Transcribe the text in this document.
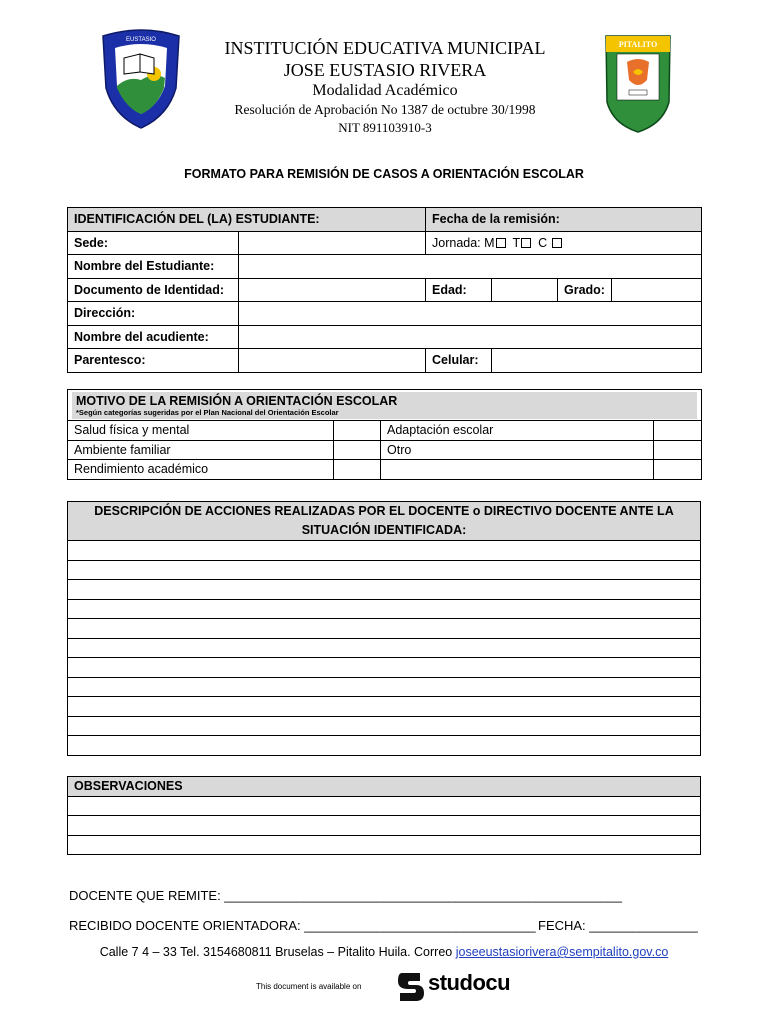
EUSTASIO	INSTITUCIÓN EDUCATIVA MUNICIPAL
JOSE EUSTASIO RIVERA
Modalidad Académico
Resolución de Aprobación No 1387 de octubre 30/1998
NIT 891103910-3
PITALITO
FORMATO PARA REMISIÓN DE CASOS A ORIENTACIÓN ESCOLAR
IDENTIFICACIÓN DEL (LA) ESTUDIANTE:		Fecha de la remisión:			
Sede:		Jornada: M T C			
Nombre del Estudiante:					
Documento de Identidad:		Edad:		Grado:	
Dirección:					
Nombre del acudiente:					
Parentesco:		Celular:			
MOTIVO DE LA REMISIÓN A ORIENTACIÓN ESCOLAR
*Según categorías sugeridas por el Plan Nacional del Orientación Escolar			

Salud física y mental		Adaptación escolar	
Ambiente familiar		Otro	
Rendimiento académico			
DESCRIPCIÓN DE ACCIONES REALIZADAS POR EL DOCENTE o DIRECTIVO DOCENTE ANTE LA SITUACIÓN IDENTIFICADA:

OBSERVACIONES

DOCENTE QUE REMITE: _______________________________________________________
RECIBIDO DOCENTE ORIENTADORA: ________________________________ FECHA: _______________
Calle 7 4 – 33 Tel. 3154680811 Bruselas – Pitalito Huila. Correo joseeustasiorivera@sempitalito.gov.co
This document is available on	studocu
